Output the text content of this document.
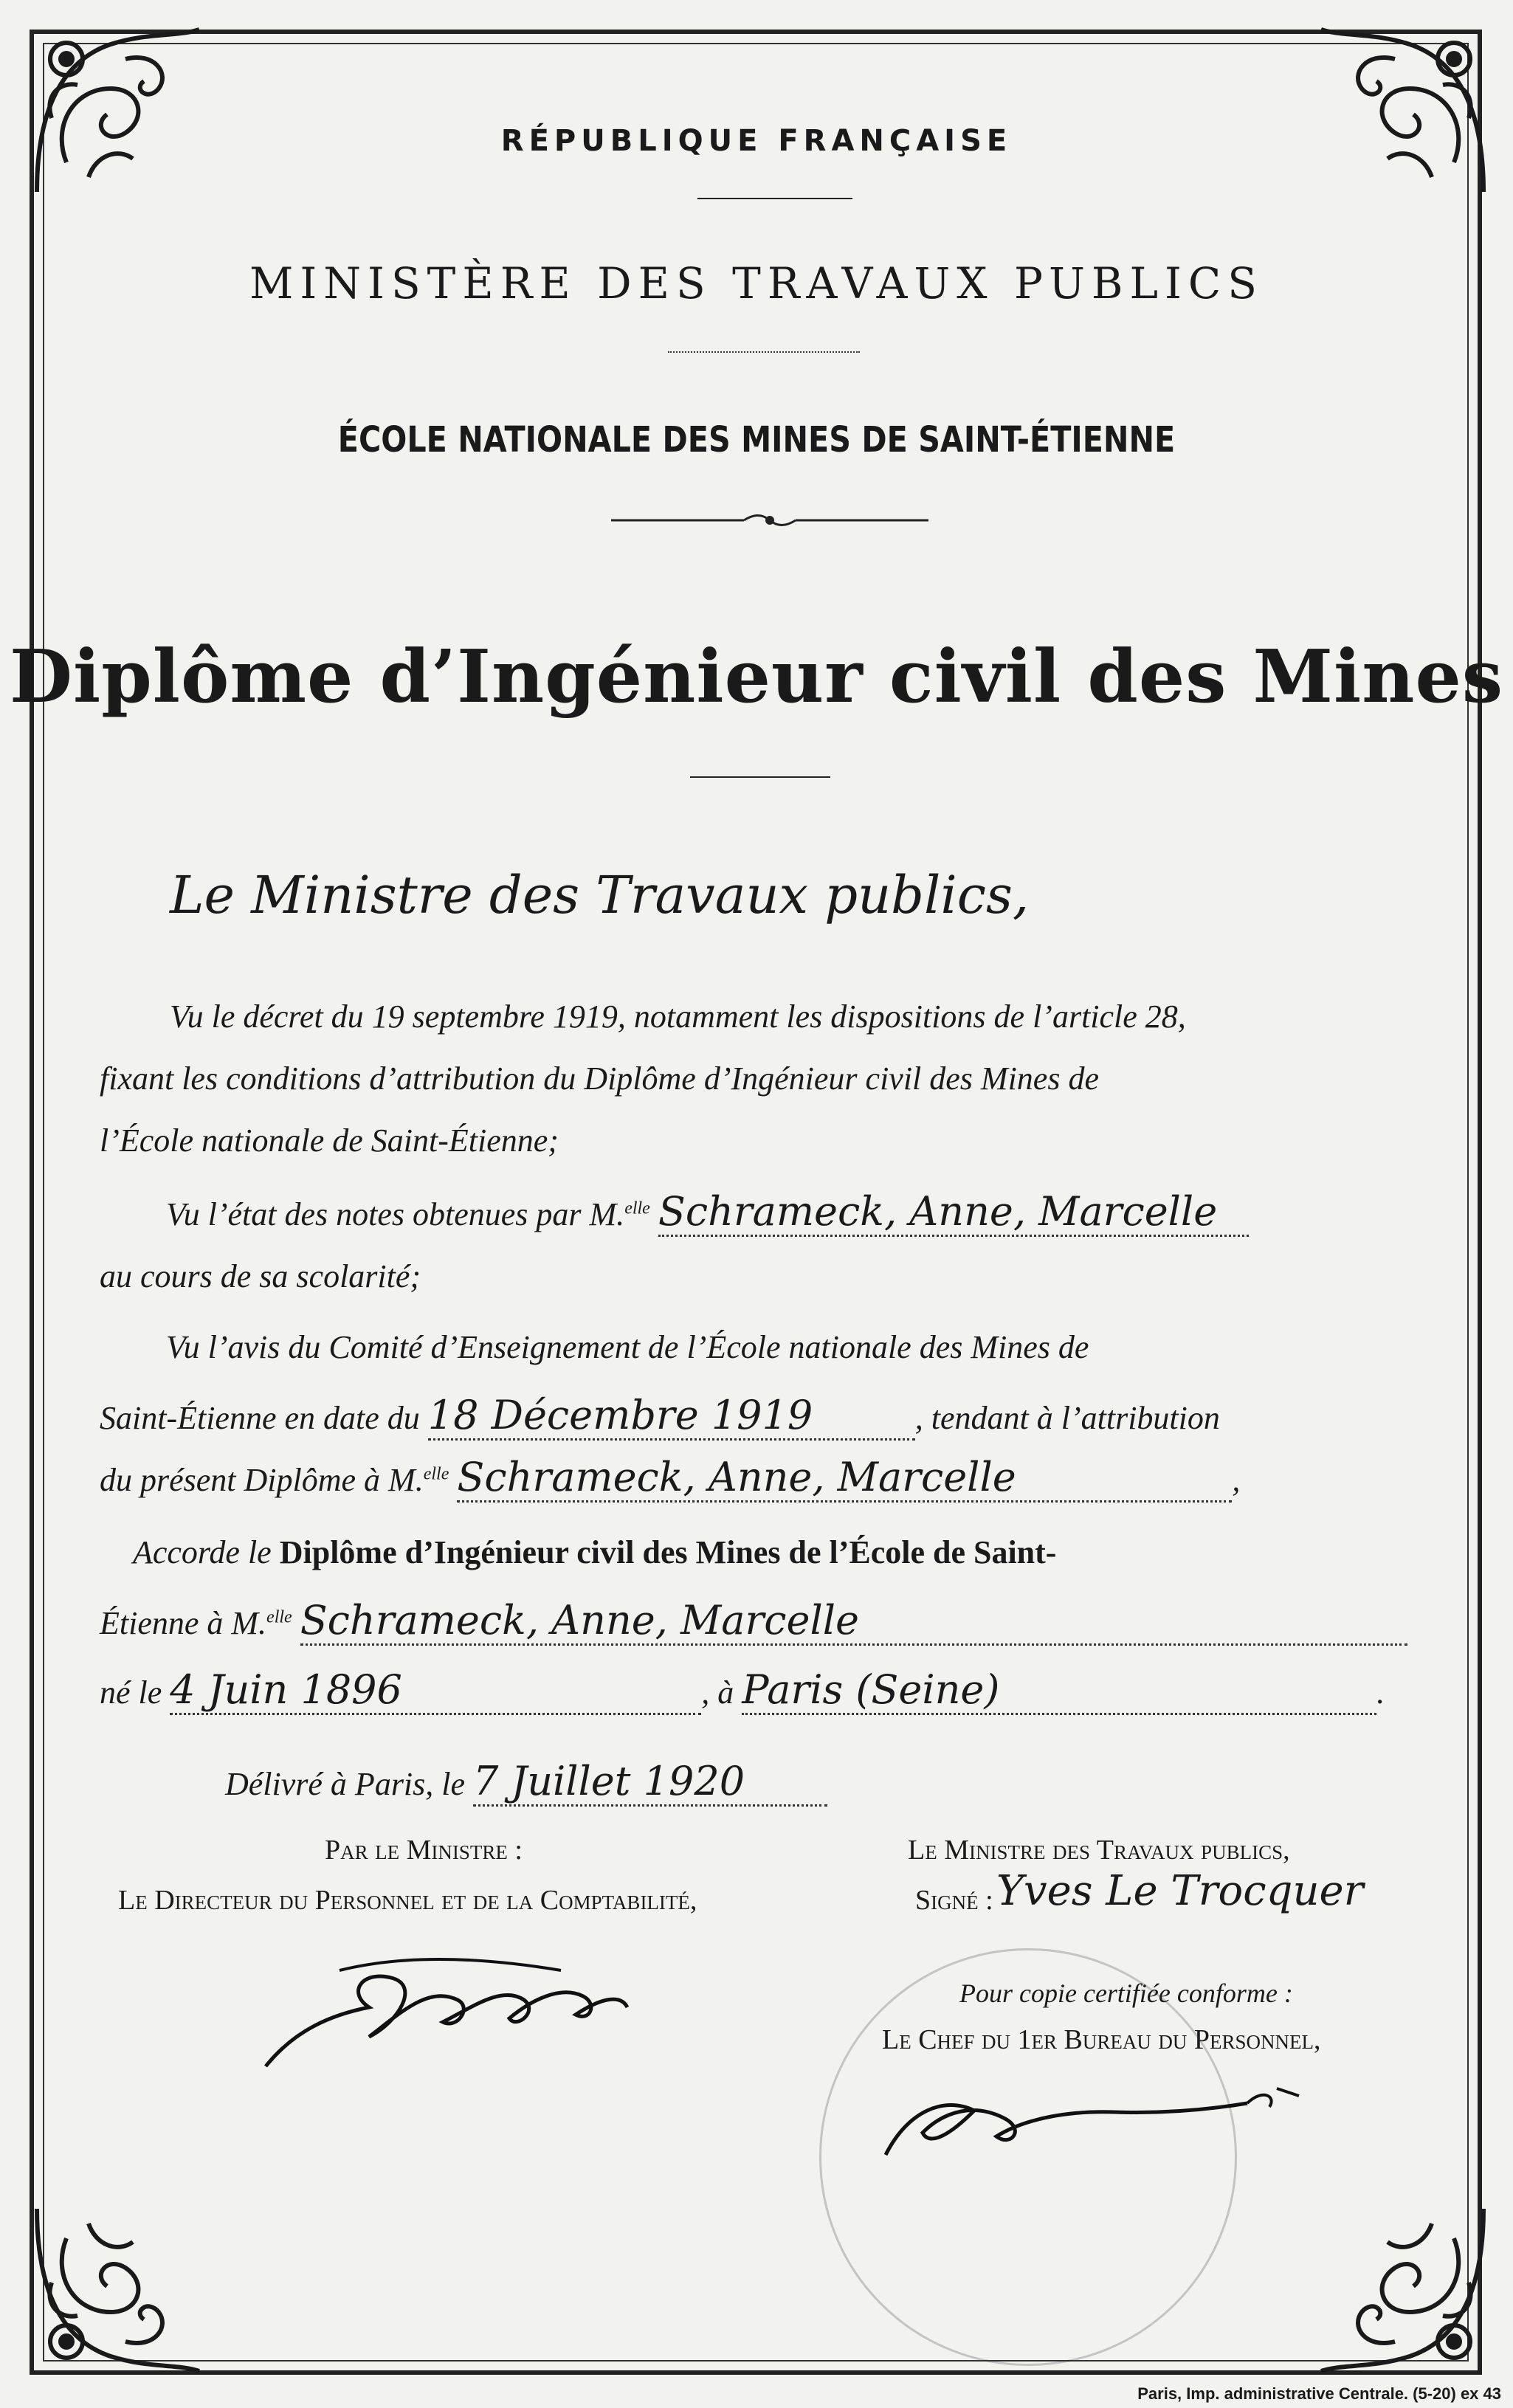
RÉPUBLIQUE FRANÇAISE
MINISTÈRE DES TRAVAUX PUBLICS
ÉCOLE NATIONALE DES MINES DE SAINT-ÉTIENNE
Diplôme d’Ingénieur civil des Mines
Le Ministre des Travaux publics,
Vu le décret du 19 septembre 1919, notamment les dispositions de l’article 28,
fixant les conditions d’attribution du Diplôme d’Ingénieur civil des Mines de
l’École nationale de Saint-Étienne;
Vu l’état des notes obtenues par M.$^{elle}$ Schrameck, Anne, Marcelle
au cours de sa scolarité;
Vu l’avis du Comité d’Enseignement de l’École nationale des Mines de
Saint-Étienne en date du 18 Décembre 1919	, tendant à l’attribution
du présent Diplôme à M.$^{elle}$ Schrameck, Anne, Marcelle	,
Accorde le Diplôme d’Ingénieur civil des Mines de l’École de Saint-
Étienne à M.$^{elle}$ Schrameck, Anne, Marcelle
né le 4 Juin 1896	, à Paris (Seine)	.
Délivré à Paris, le 7 Juillet 1920
Par le Ministre :
Le Directeur du Personnel et de la Comptabilité,
Le Ministre des Travaux publics,
Signé : Yves Le Trocquer
Pour copie certifiée conforme :
Le Chef du 1er Bureau du Personnel,
Paris, Imp. administrative Centrale. (5-20) ex 43
